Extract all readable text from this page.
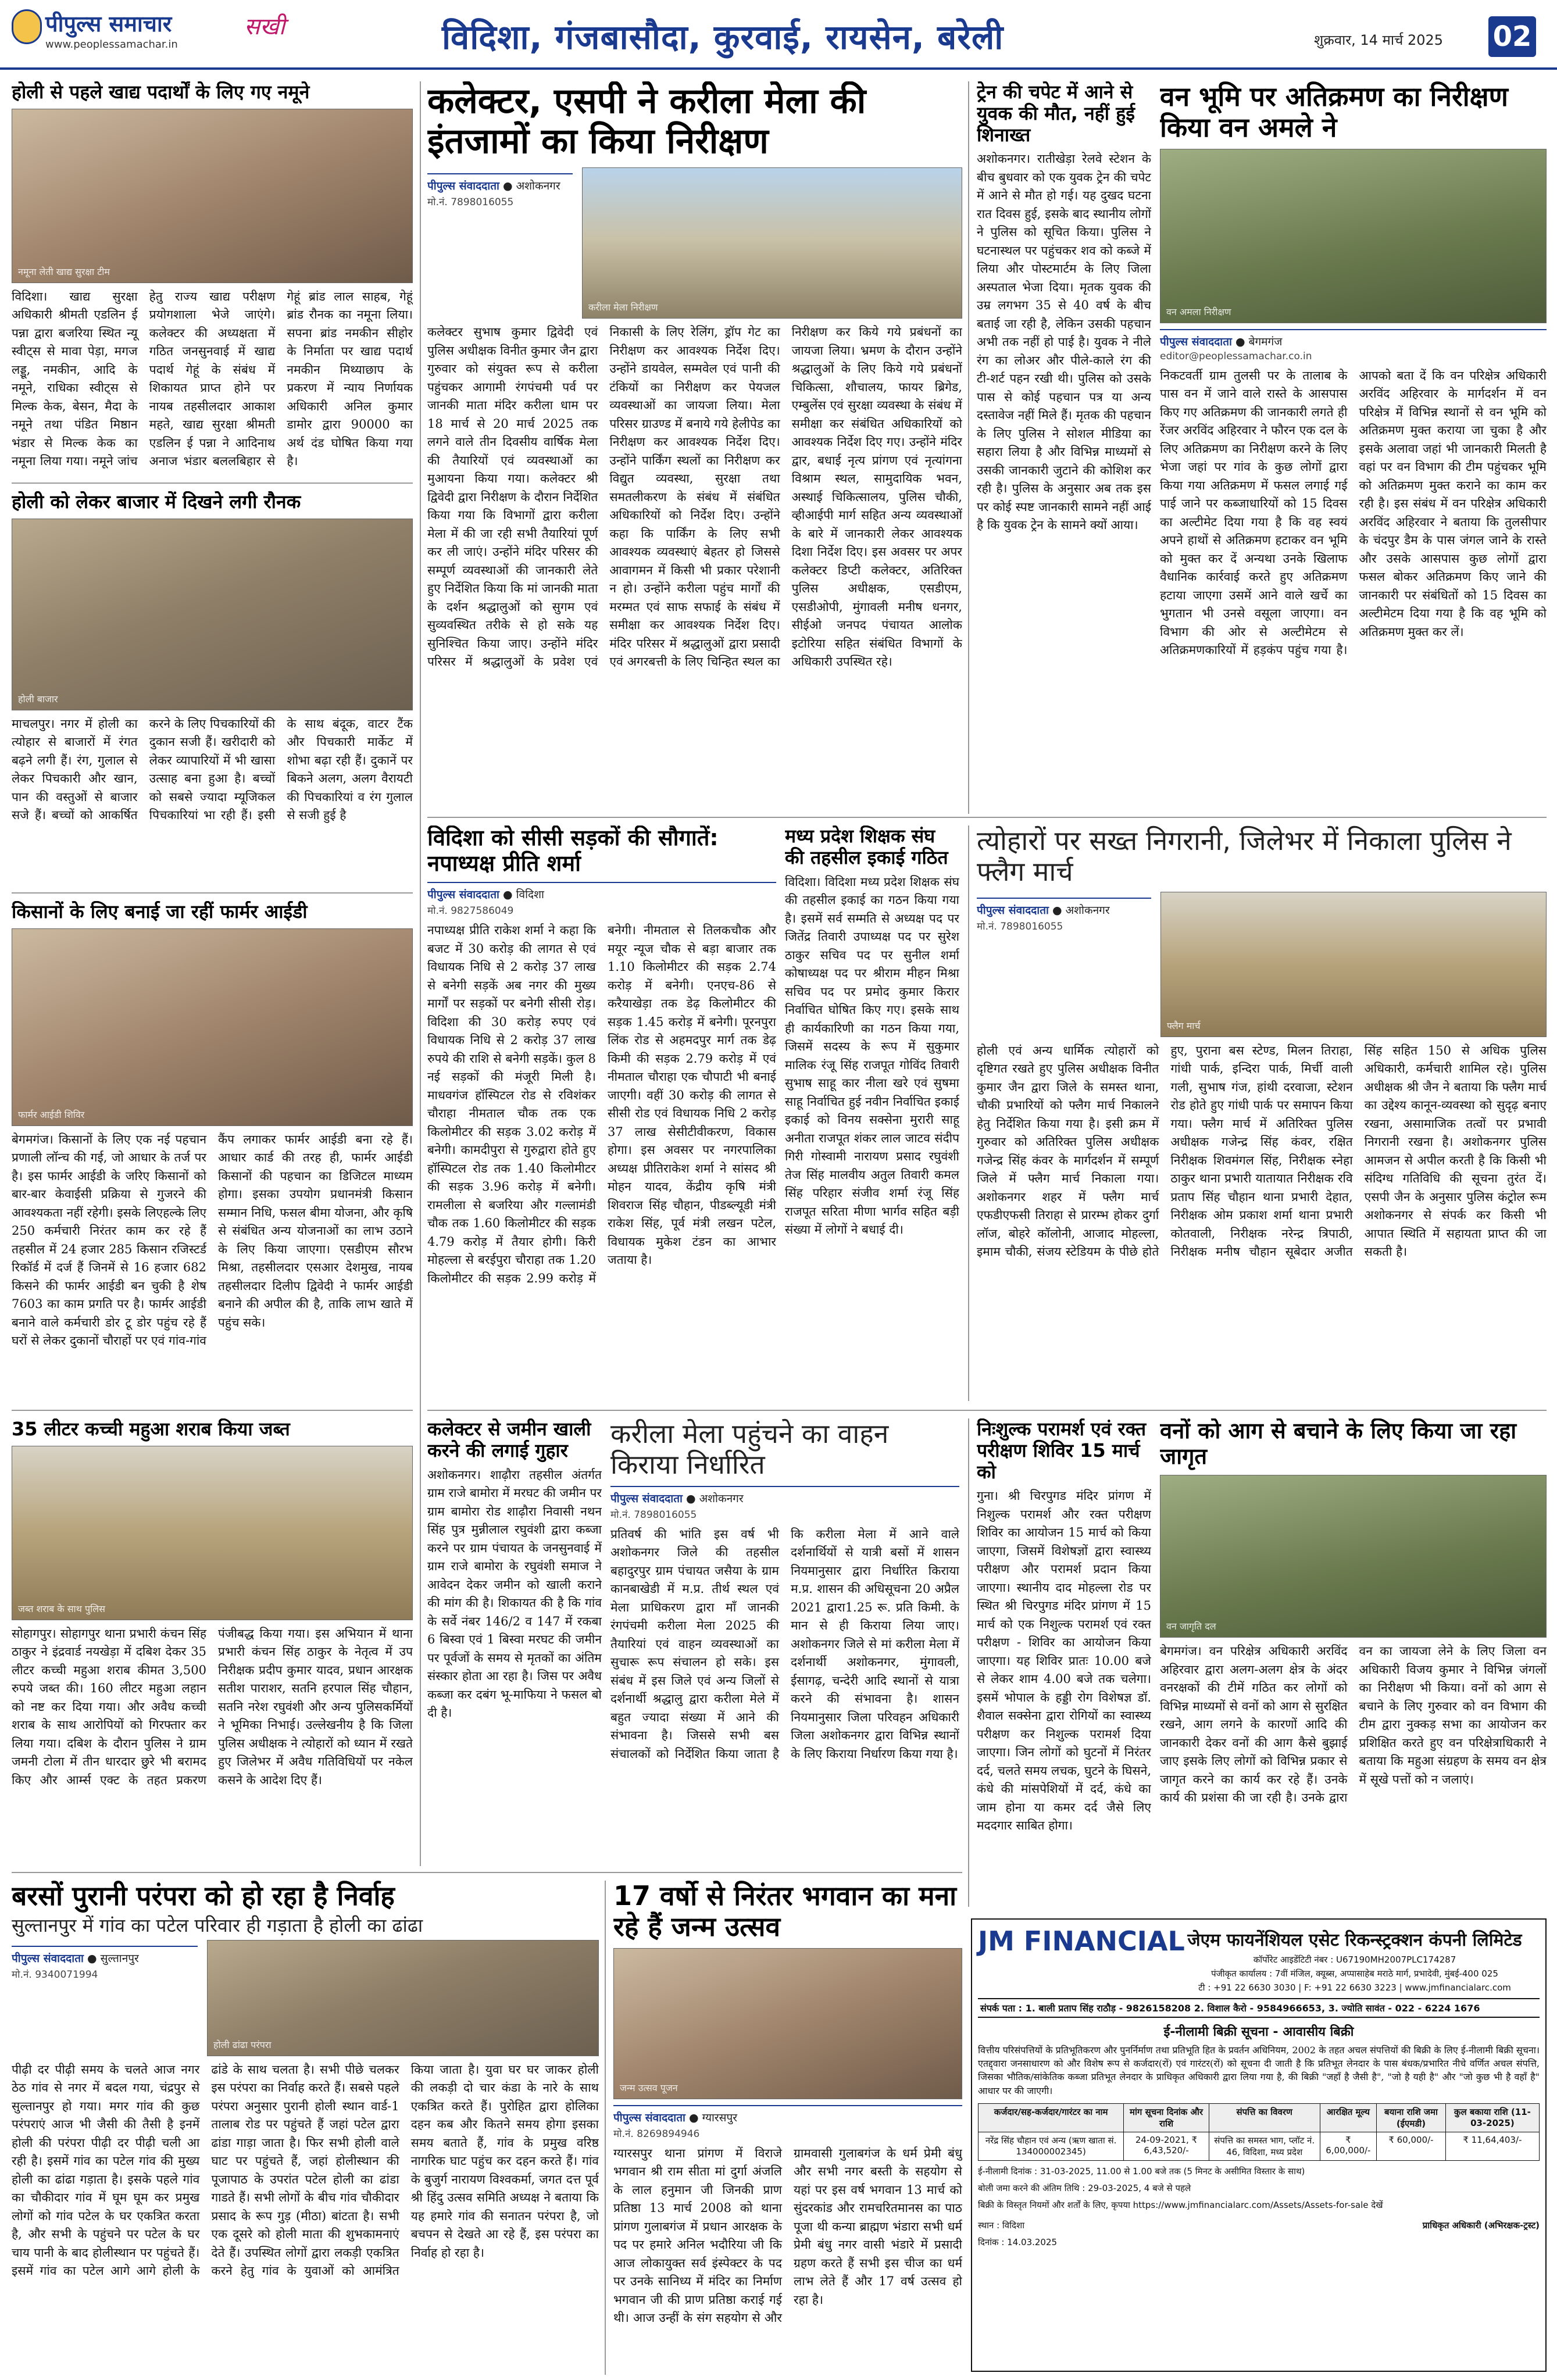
पीपुल्स समाचार
www.peoplessamachar.in
सखी	विदिशा, गंजबासौदा, कुरवाई, रायसेन, बरेली	शुक्रवार, 14 मार्च 2025 02
होली से पहले खाद्य पदार्थों के लिए गए नमूने
नमूना लेती खाद्य सुरक्षा टीम
विदिशा। खाद्य सुरक्षा अधिकारी श्रीमती एडलिन ई पन्ना द्वारा बजरिया स्थित न्यू स्वीट्स से मावा पेड़ा, मगज लड्डू, नमकीन, आदि के नमूने, राधिका स्वीट्स से मिल्क केक, बेसन, मैदा के नमूने तथा पंडित मिष्ठान भंडार से मिल्क केक का नमूना लिया गया। नमूने जांच हेतु राज्य खाद्य परीक्षण प्रयोगशाला भेजे जाएंगे। कलेक्टर की अध्यक्षता में गठित जनसुनवाई में खाद्य पदार्थ गेहूं के संबंध में शिकायत प्राप्त होने पर नायब तहसीलदार आकाश महते, खाद्य सुरक्षा श्रीमती एडलिन ई पन्ना ने आदिनाथ अनाज भंडार बललबिहार से गेहूं ब्रांड लाल साहब, गेहूं ब्रांड रौनक का नमूना लिया। सपना ब्रांड नमकीन सीहोर के निर्माता पर खाद्य पदार्थ नमकीन मिथ्याछाप के प्रकरण में न्याय निर्णायक अधिकारी अनिल कुमार डामोर द्वारा 90000 का अर्थ दंड घोषित किया गया है।
होली को लेकर बाजार में दिखने लगी रौनक
होली बाजार
माचलपुर। नगर में होली का त्योहार से बाजारों में रंगत बढ़ने लगी हैं। रंग, गुलाल से लेकर पिचकारी और खान, पान की वस्तुओं से बाजार सजे हैं। बच्चों को आकर्षित करने के लिए पिचकारियों की दुकान सजी हैं। खरीदारी को लेकर व्यापारियों में भी खासा उत्साह बना हुआ है। बच्चों को सबसे ज्यादा म्यूजिकल पिचकारियां भा रही हैं। इसी के साथ बंदूक, वाटर टैंक और पिचकारी मार्केट में शोभा बढ़ा रही हैं। दुकानें पर बिकने अलग, अलग वैरायटी की पिचकारियां व रंग गुलाल से सजी हुई है
किसानों के लिए बनाई जा रहीं फार्मर आईडी
फार्मर आईडी शिविर
बेगमगंज। किसानों के लिए एक नई पहचान प्रणाली लॉन्च की गई, जो आधार के तर्ज पर है। इस फार्मर आईडी के जरिए किसानों को बार-बार केवाईसी प्रक्रिया से गुजरने की आवश्यकता नहीं रहेगी। इसके लिएहल्के लिए 250 कर्मचारी निरंतर काम कर रहे हैं तहसील में 24 हजार 285 किसान रजिस्टर्ड रिकॉर्ड में दर्ज हैं जिनमें से 16 हजार 682 किसने की फार्मर आईडी बन चुकी है शेष 7603 का काम प्रगति पर है। फार्मर आईडी बनाने वाले कर्मचारी डोर टू डोर पहुंच रहे हैं घरों से लेकर दुकानों चौराहों पर एवं गांव-गांव कैंप लगाकर फार्मर आईडी बना रहे हैं। आधार कार्ड की तरह ही, फार्मर आईडी किसानों की पहचान का डिजिटल माध्यम होगा। इसका उपयोग प्रधानमंत्री किसान सम्मान निधि, फसल बीमा योजना, और कृषि से संबंधित अन्य योजनाओं का लाभ उठाने के लिए किया जाएगा। एसडीएम सौरभ मिश्रा, तहसीलदार एसआर देशमुख, नायब तहसीलदार दिलीप द्विवेदी ने फार्मर आईडी बनाने की अपील की है, ताकि लाभ खाते में पहुंच सके।
35 लीटर कच्ची महुआ शराब किया जब्त
जब्त शराब के साथ पुलिस
सोहागपुर। सोहागपुर थाना प्रभारी कंचन सिंह ठाकुर ने इंद्रवार्ड नयखेड़ा में दबिश देकर 35 लीटर कच्ची महुआ शराब कीमत 3,500 रुपये जब्त की। 160 लीटर महुआ लहान को नष्ट कर दिया गया। और अवैध कच्ची शराब के साथ आरोपियों को गिरफ्तार कर लिया गया। दबिश के दौरान पुलिस ने ग्राम जमनी टोला में तीन धारदार छुरे भी बरामद किए और आर्म्स एक्ट के तहत प्रकरण पंजीबद्ध किया गया। इस अभियान में थाना प्रभारी कंचन सिंह ठाकुर के नेतृत्व में उप निरीक्षक प्रदीप कुमार यादव, प्रधान आरक्षक सतीश पाराशर, सतनि हरपाल सिंह चौहान, सतनि नरेश रघुवंशी और अन्य पुलिसकर्मियों ने भूमिका निभाई। उल्लेखनीय है कि जिला पुलिस अधीक्षक ने त्योहारों को ध्यान में रखते हुए जिलेभर में अवैध गतिविधियों पर नकेल कसने के आदेश दिए हैं।
कलेक्टर, एसपी ने करीला मेला की इंतजामों का किया निरीक्षण
पीपुल्स संवाददाता ● अशोकनगर
मो.नं. 7898016055
करीला मेला निरीक्षण
कलेक्टर सुभाष कुमार द्विवेदी एवं पुलिस अधीक्षक विनीत कुमार जैन द्वारा गुरुवार को संयुक्त रूप से करीला पहुंचकर आगामी रंगपंचमी पर्व पर जानकी माता मंदिर करीला धाम पर 18 मार्च से 20 मार्च 2025 तक लगने वाले तीन दिवसीय वार्षिक मेला की तैयारियों एवं व्यवस्थाओं का मुआयना किया गया। कलेक्टर श्री द्विवेदी द्वारा निरीक्षण के दौरान निर्देशित किया गया कि विभागों द्वारा करीला मेला में की जा रही सभी तैयारियां पूर्ण कर ली जाएं। उन्होंने मंदिर परिसर की सम्पूर्ण व्यवस्थाओं की जानकारी लेते हुए निर्देशित किया कि मां जानकी माता के दर्शन श्रद्धालुओं को सुगम एवं सुव्यवस्थित तरीके से हो सके यह सुनिश्चित किया जाए। उन्होंने मंदिर परिसर में श्रद्धालुओं के प्रवेश एवं निकासी के लिए रेलिंग, ड्रॉप गेट का निरीक्षण कर आवश्यक निर्देश दिए। उन्होंने डायवेल, सम्मवेल एवं पानी की टंकियों का निरीक्षण कर पेयजल व्यवस्थाओं का जायजा लिया। मेला परिसर ग्राउण्ड में बनाये गये हेलीपेड का निरीक्षण कर आवश्यक निर्देश दिए। उन्होंने पार्किंग स्थलों का निरीक्षण कर विद्युत व्यवस्था, सुरक्षा तथा समतलीकरण के संबंध में संबंधित अधिकारियों को निर्देश दिए। उन्होंने कहा कि पार्किंग के लिए सभी आवश्यक व्यवस्थाएं बेहतर हो जिससे आवागमन में किसी भी प्रकार परेशानी न हो। उन्होंने करीला पहुंच मार्गों की मरम्मत एवं साफ सफाई के संबंध में समीक्षा कर आवश्यक निर्देश दिए। मंदिर परिसर में श्रद्धालुओं द्वारा प्रसादी एवं अगरबत्ती के लिए चिन्हित स्थल का निरीक्षण कर किये गये प्रबंधनों का जायजा लिया। भ्रमण के दौरान उन्होंने श्रद्धालुओं के लिए किये गये प्रबंधनों चिकित्सा, शौचालय, फायर ब्रिगेड, एम्बुलेंस एवं सुरक्षा व्यवस्था के संबंध में समीक्षा कर संबंधित अधिकारियों को आवश्यक निर्देश दिए गए। उन्होंने मंदिर द्वार, बधाई नृत्य प्रांगण एवं नृत्यांगना विश्राम स्थल, सामुदायिक भवन, अस्थाई चिकित्सालय, पुलिस चौकी, व्हीआईपी मार्ग सहित अन्य व्यवस्थाओं के बारे में जानकारी लेकर आवश्यक दिशा निर्देश दिए। इस अवसर पर अपर कलेक्टर डिप्टी कलेक्टर, अतिरिक्त पुलिस अधीक्षक, एसडीएम, एसडीओपी, मुंगावली मनीष धनगर, सीईओ जनपद पंचायत आलोक इटोरिया सहित संबंधित विभागों के अधिकारी उपस्थित रहे।
ट्रेन की चपेट में आने से युवक की मौत, नहीं हुई शिनाख्त
अशोकनगर। रातीखेड़ा रेलवे स्टेशन के बीच बुधवार को एक युवक ट्रेन की चपेट में आने से मौत हो गई। यह दुखद घटना रात दिवस हुई, इसके बाद स्थानीय लोगों ने पुलिस को सूचित किया। पुलिस ने घटनास्थल पर पहुंचकर शव को कब्जे में लिया और पोस्टमार्टम के लिए जिला अस्पताल भेजा दिया। मृतक युवक की उम्र लगभग 35 से 40 वर्ष के बीच बताई जा रही है, लेकिन उसकी पहचान अभी तक नहीं हो पाई है। युवक ने नीले रंग का लोअर और पीले-काले रंग की टी-शर्ट पहन रखी थी। पुलिस को उसके पास से कोई पहचान पत्र या अन्य दस्तावेज नहीं मिले हैं। मृतक की पहचान के लिए पुलिस ने सोशल मीडिया का सहारा लिया है और विभिन्न माध्यमों से उसकी जानकारी जुटाने की कोशिश कर रही है। पुलिस के अनुसार अब तक इस पर कोई स्पष्ट जानकारी सामने नहीं आई है कि युवक ट्रेन के सामने क्यों आया।
वन भूमि पर अतिक्रमण का निरीक्षण किया वन अमले ने
वन अमला निरीक्षण
पीपुल्स संवाददाता ● बेगमगंज
editor@peoplessamachar.co.in
निकटवर्ती ग्राम तुलसी पर के तालाब के पास वन में जाने वाले रास्ते के आसपास किए गए अतिक्रमण की जानकारी लगते ही रेंजर अरविंद अहिरवार ने फौरन एक दल के लिए अतिक्रमण का निरीक्षण करने के लिए भेजा जहां पर गांव के कुछ लोगों द्वारा किया गया अतिक्रमण में फसल लगाई गई पाई जाने पर कब्जाधारियों को 15 दिवस का अल्टीमेट दिया गया है कि वह स्वयं अपने हाथों से अतिक्रमण हटाकर वन भूमि को मुक्त कर दें अन्यथा उनके खिलाफ वैधानिक कार्रवाई करते हुए अतिक्रमण हटाया जाएगा उसमें आने वाले खर्चे का भुगतान भी उनसे वसूला जाएगा। वन विभाग की ओर से अल्टीमेटम से अतिक्रमणकारियों में हड़कंप पहुंच गया है। आपको बता दें कि वन परिक्षेत्र अधिकारी अरविंद अहिरवार के मार्गदर्शन में वन परिक्षेत्र में विभिन्न स्थानों से वन भूमि को अतिक्रमण मुक्त कराया जा चुका है और इसके अलावा जहां भी जानकारी मिलती है वहां पर वन विभाग की टीम पहुंचकर भूमि को अतिक्रमण मुक्त कराने का काम कर रही है। इस संबंध में वन परिक्षेत्र अधिकारी अरविंद अहिरवार ने बताया कि तुलसीपार के चंदपुर डैम के पास जंगल जाने के रास्ते और उसके आसपास कुछ लोगों द्वारा फसल बोकर अतिक्रमण किए जाने की जानकारी पर संबंधितों को 15 दिवस का अल्टीमेटम दिया गया है कि वह भूमि को अतिक्रमण मुक्त कर लें।
विदिशा को सीसी सड़कों की सौगातें: नपाध्यक्ष प्रीति शर्मा
पीपुल्स संवाददाता ● विदिशा
मो.नं. 9827586049
नपाध्यक्ष प्रीति राकेश शर्मा ने कहा कि बजट में 30 करोड़ की लागत से एवं विधायक निधि से 2 करोड़ 37 लाख से बनेगी सड़कें अब नगर की मुख्य मार्गों पर सड़कों पर बनेगी सीसी रोड़। विदिशा की 30 करोड़ रुपए एवं विधायक निधि से 2 करोड़ 37 लाख रुपये की राशि से बनेगी सड़कें। कुल 8 नई सड़कों की मंजूरी मिली है। माधवगंज हॉस्पिटल रोड से रविशंकर चौराहा नीमताल चौक तक एक किलोमीटर की सड़क 3.02 करोड़ में बनेगी। कामदीपुरा से गुरुद्वारा होते हुए हॉस्पिटल रोड तक 1.40 किलोमीटर की सड़क 3.96 करोड़ में बनेगी। रामलीला से बजरिया और गल्लामंडी चौक तक 1.60 किलोमीटर की सड़क 4.79 करोड़ में तैयार होगी। किरी मोहल्ला से बरईपुरा चौराहा तक 1.20 किलोमीटर की सड़क 2.99 करोड़ में बनेगी। नीमताल से तिलकचौक और मयूर न्यूज चौक से बड़ा बाजार तक 1.10 किलोमीटर की सड़क 2.74 करोड़ में बनेगी। एनएच-86 से करैयाखेड़ा तक डेढ़ किलोमीटर की सड़क 1.45 करोड़ में बनेगी। पूरनपुरा लिंक रोड से अहमदपुर मार्ग तक डेढ़ किमी की सड़क 2.79 करोड़ में एवं नीमताल चौराहा एक चौपाटी भी बनाई जाएगी। वहीं 30 करोड़ की लागत से सीसी रोड एवं विधायक निधि 2 करोड़ 37 लाख सेसीटीवीकरण, विकास होगा। इस अवसर पर नगरपालिका अध्यक्ष प्रीतिराकेश शर्मा ने सांसद श्री मोहन यादव, केंद्रीय कृषि मंत्री शिवराज सिंह चौहान, पीडब्ल्यूडी मंत्री राकेश सिंह, पूर्व मंत्री लखन पटेल, विधायक मुकेश टंडन का आभार जताया है।
मध्य प्रदेश शिक्षक संघ की तहसील इकाई गठित
विदिशा। विदिशा मध्य प्रदेश शिक्षक संघ की तहसील इकाई का गठन किया गया है। इसमें सर्व सम्मति से अध्यक्ष पद पर जितेंद्र तिवारी उपाध्यक्ष पद पर सुरेश ठाकुर सचिव पद पर सुनील शर्मा कोषाध्यक्ष पद पर श्रीराम मीहन मिश्रा सचिव पद पर प्रमोद कुमार किरार निर्वाचित घोषित किए गए। इसके साथ ही कार्यकारिणी का गठन किया गया, जिसमें सदस्य के रूप में सुकुमार मालिक रंजू सिंह राजपूत गोविंद तिवारी सुभाष साहू कार नीला खरे एवं सुषमा साहू निर्वाचित हुई नवीन निर्वाचित इकाई इकाई को विनय सक्सेना मुरारी साहू अनीता राजपूत शंकर लाल जाटव संदीप गिरी गोस्वामी नारायण प्रसाद रघुवंशी तेज सिंह मालवीय अतुल तिवारी कमल सिंह परिहार संजीव शर्मा रंजू सिंह राजपूत सरिता मीणा भार्गव सहित बड़ी संख्या में लोगों ने बधाई दी।
त्योहारों पर सख्त निगरानी, जिलेभर में निकाला पुलिस ने फ्लैग मार्च
पीपुल्स संवाददाता ● अशोकनगर
मो.नं. 7898016055
फ्लैग मार्च
होली एवं अन्य धार्मिक त्योहारों को दृष्टिगत रखते हुए पुलिस अधीक्षक विनीत कुमार जैन द्वारा जिले के समस्त थाना, चौकी प्रभारियों को फ्लैग मार्च निकालने हेतु निर्देशित किया गया है। इसी क्रम में गुरुवार को अतिरिक्त पुलिस अधीक्षक गजेन्द्र सिंह कंवर के मार्गदर्शन में सम्पूर्ण जिले में फ्लैग मार्च निकाला गया। अशोकनगर शहर में फ्लैग मार्च एफडीएफसी तिराहा से प्रारम्भ होकर दुर्गा लॉज, बोहरे कॉलोनी, आजाद मोहल्ला, इमाम चौकी, संजय स्टेडियम के पीछे होते हुए, पुराना बस स्टेण्ड, मिलन तिराहा, गांधी पार्क, इन्दिरा पार्क, मिर्ची वाली गली, सुभाष गंज, हांथी दरवाजा, स्टेशन रोड होते हुए गांधी पार्क पर समापन किया गया। फ्लैग मार्च में अतिरिक्त पुलिस अधीक्षक गजेन्द्र सिंह कंवर, रक्षित निरीक्षक शिवमंगल सिंह, निरीक्षक स्नेहा ठाकुर थाना प्रभारी यातायात निरीक्षक रवि प्रताप सिंह चौहान थाना प्रभारी देहात, निरीक्षक ओम प्रकाश शर्मा थाना प्रभारी कोतवाली, निरीक्षक नरेन्द्र त्रिपाठी, निरीक्षक मनीष चौहान सूबेदार अजीत सिंह सहित 150 से अधिक पुलिस अधिकारी, कर्मचारी शामिल रहे। पुलिस अधीक्षक श्री जैन ने बताया कि फ्लैग मार्च का उद्देश्य कानून-व्यवस्था को सुदृढ़ बनाए रखना, असामाजिक तत्वों पर प्रभावी निगरानी रखना है। अशोकनगर पुलिस आमजन से अपील करती है कि किसी भी संदिग्ध गतिविधि की सूचना तुरंत दें। एसपी जैन के अनुसार पुलिस कंट्रोल रूम अशोकनगर से संपर्क कर किसी भी आपात स्थिति में सहायता प्राप्त की जा सकती है।
कलेक्टर से जमीन खाली करने की लगाई गुहार
अशोकनगर। शाढ़ौरा तहसील अंतर्गत ग्राम राजे बामोरा में मरघट की जमीन पर ग्राम बामोरा रोड शाढ़ौरा निवासी नथन सिंह पुत्र मुन्नीलाल रघुवंशी द्वारा कब्जा करने पर ग्राम पंचायत के जनसुनवाई में ग्राम राजे बामोरा के रघुवंशी समाज ने आवेदन देकर जमीन को खाली कराने की मांग की है। शिकायत की है कि गांव के सर्वे नंबर 146/2 व 147 में रकबा 6 बिस्वा एवं 1 बिस्वा मरघट की जमीन पर पूर्वजों के समय से मृतकों का अंतिम संस्कार होता आ रहा है। जिस पर अवैध कब्जा कर दबंग भू-माफिया ने फसल बो दी है।
करीला मेला पहुंचने का वाहन किराया निर्धारित
पीपुल्स संवाददाता ● अशोकनगर
मो.नं. 7898016055
प्रतिवर्ष की भांति इस वर्ष भी अशोकनगर जिले की तहसील बहादुरपुर ग्राम पंचायत जसैया के ग्राम कानबाखेडी में म.प्र. तीर्थ स्थल एवं मेला प्राधिकरण द्वारा माँ जानकी रंगपंचमी करीला मेला 2025 की तैयारियां एवं वाहन व्यवस्थाओं का सुचारू रूप संचालन हो सके। इस संबंध में इस जिले एवं अन्य जिलों से दर्शनार्थी श्रद्धालु द्वारा करीला मेले में बहुत ज्यादा संख्या में आने की संभावना है। जिससे सभी बस संचालकों को निर्देशित किया जाता है कि करीला मेला में आने वाले दर्शनार्थियों से यात्री बसों में शासन नियमानुसार द्वारा निर्धारित किराया म.प्र. शासन की अधिसूचना 20 अप्रैल 2021 द्वारा1.25 रू. प्रति किमी. के मान से ही किराया लिया जाए। अशोकनगर जिले से मां करीला मेला में दर्शनार्थी अशोकनगर, मुंगावली, ईसागढ़, चन्देरी आदि स्थानों से यात्रा करने की संभावना है। शासन नियमानुसार जिला परिवहन अधिकारी जिला अशोकनगर द्वारा विभिन्न स्थानों के लिए किराया निर्धारण किया गया है।
निःशुल्क परामर्श एवं रक्त परीक्षण शिविर 15 मार्च को
गुना। श्री चिरपुगड मंदिर प्रांगण में निशुल्क परामर्श और रक्त परीक्षण शिविर का आयोजन 15 मार्च को किया जाएगा, जिसमें विशेषज्ञों द्वारा स्वास्थ्य परीक्षण और परामर्श प्रदान किया जाएगा। स्थानीय दाद मोहल्ला रोड पर स्थित श्री चिरपुगड मंदिर प्रांगण में 15 मार्च को एक निशुल्क परामर्श एवं रक्त परीक्षण - शिविर का आयोजन किया जाएगा। यह शिविर प्रातः 10.00 बजे से लेकर शाम 4.00 बजे तक चलेगा। इसमें भोपाल के हड्डी रोग विशेषज्ञ डॉ. शैवाल सक्सेना द्वारा रोगियों का स्वास्थ्य परीक्षण कर निशुल्क परामर्श दिया जाएगा। जिन लोगों को घुटनों में निरंतर दर्द, चलते समय लचक, घुटने के घिसने, कंधे की मांसपेशियों में दर्द, कंधे का जाम होना या कमर दर्द जैसे लिए मददगार साबित होगा।
वनों को आग से बचाने के लिए किया जा रहा जागृत
वन जागृति दल
बेगमगंज। वन परिक्षेत्र अधिकारी अरविंद अहिरवार द्वारा अलग-अलग क्षेत्र के अंदर वनरक्षकों की टीमें गठित कर लोगों को विभिन्न माध्यमों से वनों को आग से सुरक्षित रखने, आग लगने के कारणों आदि की जानकारी देकर वनों की आग कैसे बुझाई जाए इसके लिए लोगों को विभिन्न प्रकार से जागृत करने का कार्य कर रहे हैं। उनके कार्य की प्रशंसा की जा रही है। उनके द्वारा वन का जायजा लेने के लिए जिला वन अधिकारी विजय कुमार ने विभिन्न जंगलों का निरीक्षण भी किया। वनों को आग से बचाने के लिए गुरुवार को वन विभाग की टीम द्वारा नुक्कड़ सभा का आयोजन कर प्रशिक्षित करते हुए वन परिक्षेत्राधिकारी ने बताया कि महुआ संग्रहण के समय वन क्षेत्र में सूखे पत्तों को न जलाएं।
बरसों पुरानी परंपरा को हो रहा है निर्वाह
सुल्तानपुर में गांव का पटेल परिवार ही गड़ाता है होली का ढांढा
पीपुल्स संवाददाता ● सुल्तानपुर
मो.नं. 9340071994
होली ढांढा परंपरा
पीढ़ी दर पीढ़ी समय के चलते आज नगर ठेठ गांव से नगर में बदल गया, चंद्रपुर से सुल्तानपुर हो गया। मगर गांव की कुछ परंपराएं आज भी जैसी की तैसी है इनमें होली की परंपरा पीढ़ी दर पीढ़ी चली आ रही है। इसमें गांव का पटेल गांव की मुख्य होली का ढांढा गड़ाता है। इसके पहले गांव का चौकीदार गांव में घूम घूम कर प्रमुख लोगों को गांव पटेल के घर एकत्रित करता है, और सभी के पहुंचने पर पटेल के घर चाय पानी के बाद होलीस्थान पर पहुंचते हैं। इसमें गांव का पटेल आगे आगे होली के ढांडे के साथ चलता है। सभी पीछे चलकर इस परंपरा का निर्वाह करते हैं। सबसे पहले परंपरा अनुसार पुरानी होली स्थान वार्ड-1 तालाब रोड पर पहुंचते हैं जहां पटेल द्वारा ढांडा गाड़ा जाता है। फिर सभी होली वाले घाट पर पहुंचते हैं, जहां होलीस्थान की पूजापाठ के उपरांत पटेल होली का ढांडा गाडते हैं। सभी लोगों के बीच गांव चौकीदार प्रसाद के रूप गुड़ (मीठा) बांटता है। सभी एक दूसरे को होली माता की शुभकामनाएं देते हैं। उपस्थित लोगों द्वारा लकड़ी एकत्रित करने हेतु गांव के युवाओं को आमंत्रित किया जाता है। युवा घर घर जाकर होली की लकड़ी दो चार कंडा के नारे के साथ एकत्रित करते हैं। पुरोहित द्वारा होलिका दहन कब और कितने समय होगा इसका समय बताते हैं, गांव के प्रमुख वरिष्ठ नागरिक घाट पहुंच कर दहन करते हैं। गांव के बुजुर्ग नारायण विश्वकर्मा, जगत दत्त पूर्व श्री हिंदु उत्सव समिति अध्यक्ष ने बताया कि यह हमारे गांव की सनातन परंपरा है, जो बचपन से देखते आ रहे हैं, इस परंपरा का निर्वाह हो रहा है।
17 वर्षो से निरंतर भगवान का मना रहे हैं जन्म उत्सव
जन्म उत्सव पूजन
पीपुल्स संवाददाता ● ग्यारसपुर
मो.नं. 8269894946
ग्यारसपुर थाना प्रांगण में विराजे भगवान श्री राम सीता मां दुर्गा अंजलि के लाल हनुमान जी जिनकी प्राण प्रतिष्ठा 13 मार्च 2008 को थाना प्रांगण गुलाबगंज में प्रधान आरक्षक के पद पर हमारे अनिल भदौरिया जी कि आज लोकायुक्त सर्व इंस्पेक्टर के पद पर उनके सानिध्य में मंदिर का निर्माण भगवान जी की प्राण प्रतिष्ठा कराई गई थी। आज उन्हीं के संग सहयोग से और ग्रामवासी गुलाबगंज के धर्म प्रेमी बंधु और सभी नगर बस्ती के सहयोग से यहां पर इस वर्ष भगवान 13 मार्च को सुंदरकांड और रामचरितमानस का पाठ पूजा थी कन्या ब्राह्मण भंडारा सभी धर्म प्रेमी बंधु नगर वासी भंडारे में प्रसादी ग्रहण करते हैं सभी इस चीज का धर्म लाभ लेते हैं और 17 वर्ष उत्सव हो रहा है।
JM FINANCIAL जेएम फायनेंशियल एसेट रिकन्स्ट्रक्शन कंपनी लिमिटेड
कॉर्पोरेट आइडेंटिटी नंबर : U67190MH2007PLC174287
पंजीकृत कार्यालय : 7वीं मंजिल, क्यूब्स, अप्पासाहेब मराठे मार्ग, प्रभादेवी, मुंबई-400 025
टी : +91 22 6630 3030 | F: +91 22 6630 3223 | www.jmfinancialarc.com
संपर्क पता : 1. बाली प्रताप सिंह राठौड़ - 9826158208 2. विशाल कैरो - 9584966653, 3. ज्योति सावंत - 022 - 6224 1676
ई-नीलामी बिक्री सूचना - आवासीय बिक्री
वित्तीय परिसंपत्तियों के प्रतिभूतिकरण और पुनर्निर्माण तथा प्रतिभूति हित के प्रवर्तन अधिनियम, 2002 के तहत अचल संपत्तियों की बिक्री के लिए ई-नीलामी बिक्री सूचना। एतद्द्वारा जनसाधारण को और विशेष रूप से कर्जदार(रों) एवं गारंटर(रों) को सूचना दी जाती है कि प्रतिभूत लेनदार के पास बंधक/प्रभारित नीचे वर्णित अचल संपत्ति, जिसका भौतिक/सांकेतिक कब्जा प्रतिभूत लेनदार के प्राधिकृत अधिकारी द्वारा लिया गया है, की बिक्री "जहाँ है जैसी है", "जो है यही है" और "जो कुछ भी है वहाँ है" आधार पर की जाएगी।
कर्जदार/सह-कर्जदार/गारंटर का नाम	मांग सूचना दिनांक और राशि	संपत्ति का विवरण	आरक्षित मूल्य	बयाना राशि जमा (ईएमडी)	कुल बकाया राशि (11-03-2025)
नरेंद्र सिंह चौहान एवं अन्य (ऋण खाता सं. 134000002345)	24-09-2021, ₹ 6,43,520/-	संपत्ति का समस्त भाग, प्लॉट नं. 46, विदिशा, मध्य प्रदेश	₹ 6,00,000/-	₹ 60,000/-	₹ 11,64,403/-
ई-नीलामी दिनांक : 31-03-2025, 11.00 से 1.00 बजे तक (5 मिनट के असीमित विस्तार के साथ)
बोली जमा करने की अंतिम तिथि : 29-03-2025, 4 बजे से पहले
बिक्री के विस्तृत नियमों और शर्तों के लिए, कृपया https://www.jmfinancialarc.com/Assets/Assets-for-sale देखें
स्थान : विदिशा
दिनांक : 14.03.2025
प्राधिकृत अधिकारी (अभिरक्षक-ट्रस्ट)
